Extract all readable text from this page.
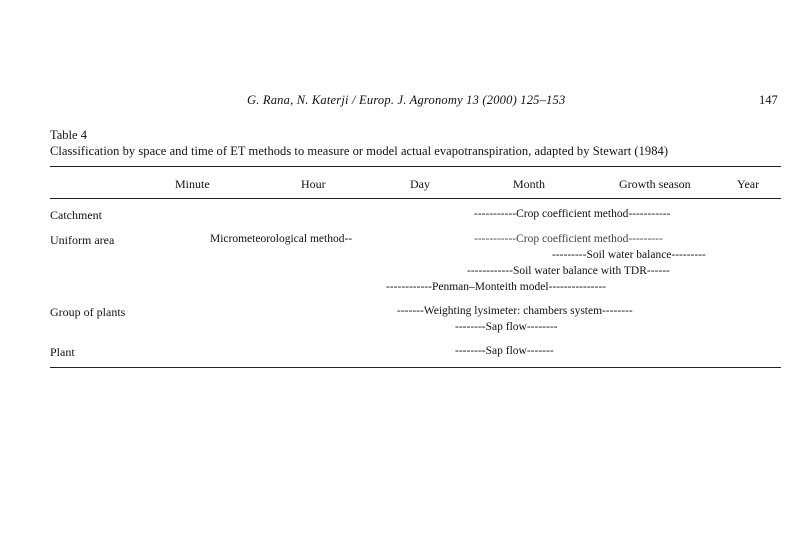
G. Rana, N. Katerji / Europ. J. Agronomy 13 (2000) 125–153	147
Table 4
Classification by space and time of ET methods to measure or model actual evapotranspiration, adapted by Stewart (1984)
Minute	Hour	Day	Month	Growth season	Year
Catchment	-----------Crop coefficient method-----------
Uniform area	Micrometeorological method--	-----------Crop coefficient method---------
---------Soil water balance---------
------------Soil water balance with TDR------
------------Penman–Monteith model---------------
Group of plants	-------Weighting lysimeter: chambers system--------
--------Sap flow--------
Plant	--------Sap flow-------
